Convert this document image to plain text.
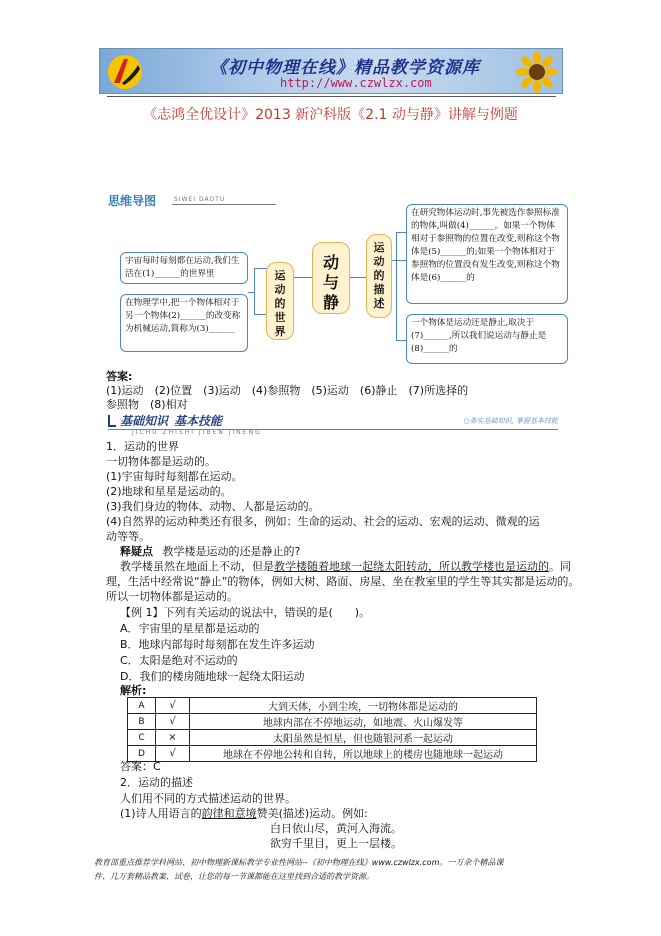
《初中物理在线》精品教学资源库
http://www.czwlzx.com
《志鸿全优设计》2013 新沪科版《2.1 动与静》讲解与例题
思维导图	SIWEI DAOTU
宇宙每时每刻都在运动,我们生活在(1)______的世界里
在物理学中,把一个物体相对于另一个物体(2)______的改变称为机械运动,简称为(3)______
运动的世界
动与静
运动的描述
在研究物体运动时,事先被选作参照标准的物体,叫做(4)______。如果一个物体相对于参照物的位置在改变,则称这个物体是(5)______的;如果一个物体相对于参照物的位置没有发生改变,则称这个物体是(6)______的
一个物体是运动还是静止,取决于(7)______,所以我们说运动与静止是(8)______的
答案:
(1)运动　(2)位置　(3)运动　(4)参照物　(5)运动　(6)静止　(7)所选择的
参照物　(8)相对
基础知识 基本技能
JICHU ZHISHI JIBEN JINENG
○务实基础知识, 掌握基本技能
1．运动的世界
一切物体都是运动的。
(1)宇宙每时每刻都在运动。
(2)地球和星星是运动的。
(3)我们身边的物体、动物、人都是运动的。
(4)自然界的运动种类还有很多，例如：生命的运动、社会的运动、宏观的运动、微观的运
动等等。
释疑点 教学楼是运动的还是静止的?
教学楼虽然在地面上不动，但是教学楼随着地球一起绕太阳转动，所以教学楼也是运动的。同
理，生活中经常说“静止”的物体，例如大树、路面、房屋、坐在教室里的学生等其实都是运动的。
所以一切物体都是运动的。
【例 1】下列有关运动的说法中，错误的是(　　)。
A．宇宙里的星星都是运动的
B．地球内部每时每刻都在发生许多运动
C．太阳是绝对不运动的
D．我们的楼房随地球一起绕太阳运动
解析:
A	√	大到天体，小到尘埃，一切物体都是运动的
B	√	地球内部在不停地运动，如地震、火山爆发等
C	×	太阳虽然是恒星，但也随银河系一起运动
D	√	地球在不停地公转和自转，所以地球上的楼房也随地球一起运动
答案：C
2．运动的描述
人们用不同的方式描述运动的世界。
(1)诗人用语言的韵律和意境赞美(描述)运动。例如:
白日依山尽，黄河入海流。
欲穷千里目，更上一层楼。
教育部重点推荐学科网站、初中物理新课标教学专业性网站--《初中物理在线》www.czwlzx.com。一万余个精品课
件、几万套精品教案、试卷，让您的每一节课都能在这里找到合适的教学资源。
